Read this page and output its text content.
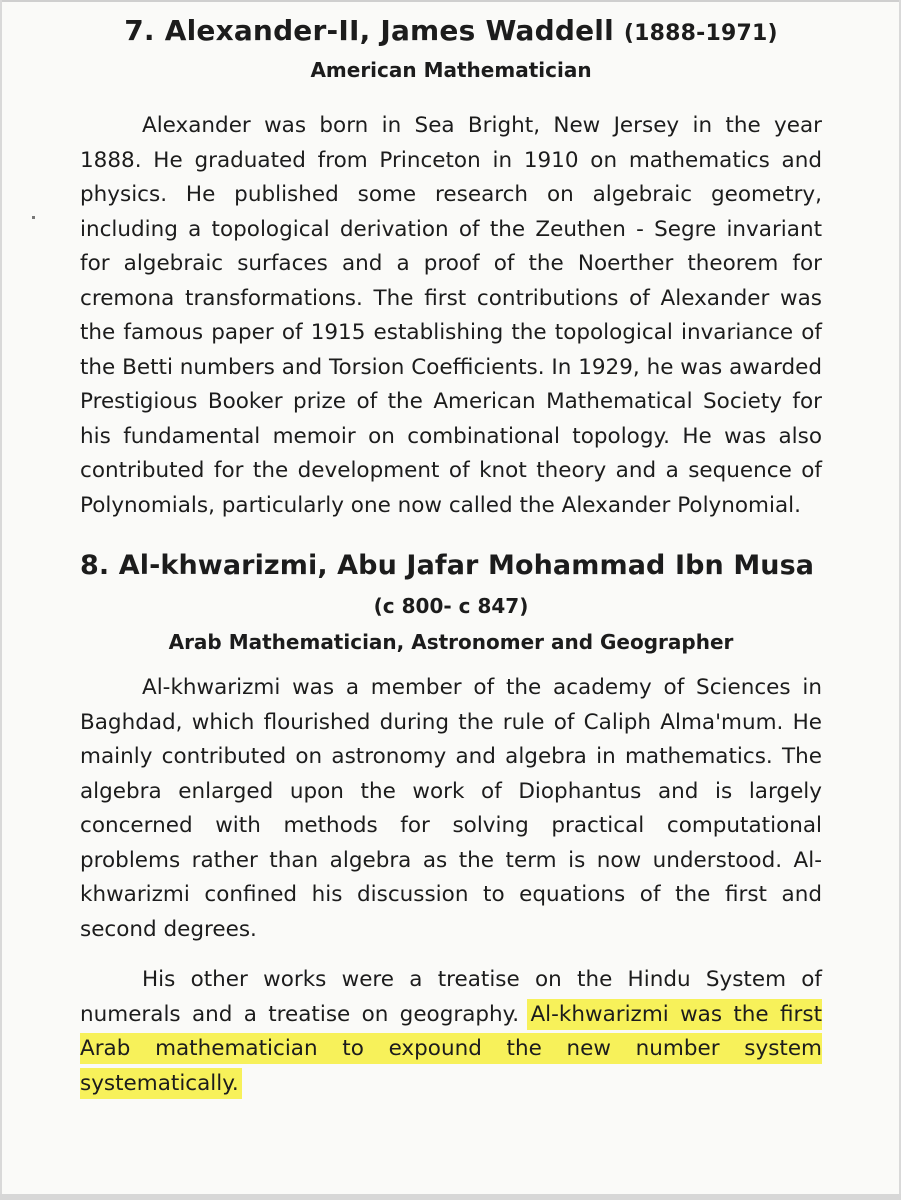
7. Alexander-II, James Waddell (1888-1971)
American Mathematician

Alexander was born in Sea Bright, New Jersey in the year 1888. He graduated from Princeton in 1910 on mathematics and physics. He published some research on algebraic geometry, including a topological derivation of the Zeuthen - Segre invariant for algebraic surfaces and a proof of the Noerther theorem for cremona transformations. The first contributions of Alexander was the famous paper of 1915 establishing the topological invariance of the Betti numbers and Torsion Coefficients. In 1929, he was awarded Prestigious Booker prize of the American Mathematical Society for his fundamental memoir on combinational topology. He was also contributed for the development of knot theory and a sequence of Polynomials, particularly one now called the Alexander Polynomial.

8. Al-khwarizmi, Abu Jafar Mohammad Ibn Musa
(c 800- c 847)
Arab Mathematician, Astronomer and Geographer

Al-khwarizmi was a member of the academy of Sciences in Baghdad, which flourished during the rule of Caliph Alma'mum. He mainly contributed on astronomy and algebra in mathematics. The algebra enlarged upon the work of Diophantus and is largely concerned with methods for solving practical computational problems rather than algebra as the term is now understood. Al-khwarizmi confined his discussion to equations of the first and second degrees.

His other works were a treatise on the Hindu System of numerals and a treatise on geography. Al-khwarizmi was the first Arab mathematician to expound the new number system systematically.
